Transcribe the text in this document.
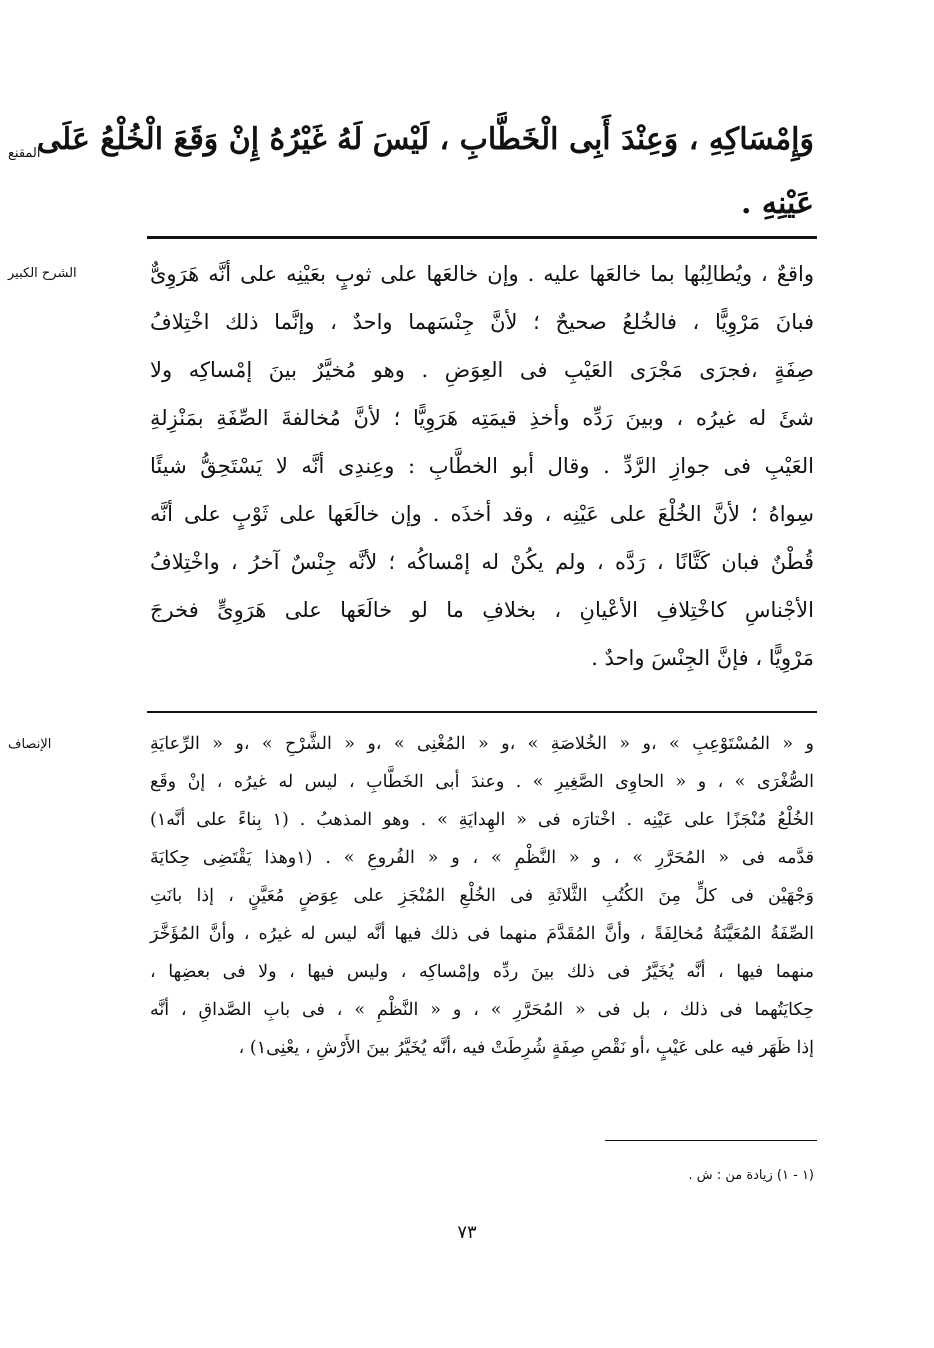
المقنع
وَإِمْسَاكِهِ ، وَعِنْدَ أَبِى الْخَطَّابِ ، لَيْسَ لَهُ غَيْرُهُ إِنْ وَقَعَ الْخُلْعُ عَلَى
عَيْنِهِ .
الشرح الكبير	واقعٌ ، ويُطالِبُها بما خالعَها عليه . وإن خالعَها على ثوبٍ بعَيْنِه على أنَّه هَرَوِىٌّ
فبانَ مَرْوِيًّا ، فالخُلعُ صحيحٌ ؛ لأنَّ جِنْسَهما واحدٌ ، وإنَّما ذلك اخْتِلافُ
صِفَةٍ ،فجرَى مَجْرَى العَيْبِ فى العِوَضِ . وهو مُخيَّرٌ بينَ إمْساكِه ولا
شئَ له غيرُه ، وبينَ رَدِّه وأخذِ قيمَتِه هَرَوِيًّا ؛ لأنَّ مُخالفةَ الصِّفَةِ بمَنْزِلةِ
العَيْبِ فى جوازِ الرَّدِّ . وقال أبو الخطَّابِ : وعِندِى أنَّه لا يَسْتَحِقُّ شيئًا
سِواهُ ؛ لأنَّ الخُلْعَ على عَيْنِه ، وقد أخذَه . وإن خالَعَها على ثَوْبٍ على أنَّه
قُطْنٌ فبان كَتَّانًا ، رَدَّه ، ولم يكُنْ له إمْساكُه ؛ لأنَّه جِنْسٌ آخرُ ، واخْتِلافُ
الأجْناسِ كاخْتِلافِ الأعْيانِ ، بخلافِ ما لو خالَعَها على هَرَوِىٍّ فخرجَ
مَرْوِيًّا ، فإنَّ الجِنْسَ واحدٌ .
الإنصاف	و « المُسْتَوْعِبِ » ،و « الخُلاصَةِ » ،و « المُغْنِى » ،و « الشَّرْحِ » ،و « الرِّعايَةِ
الصُّغْرَى » ، و « الحاوِى الصَّغِيرِ » . وعندَ أبى الخَطَّابِ ، ليس له غيرُه ، إنْ وقَع
الخُلْعُ مُنْجَزًا على عَيْنِه . اخْتارَه فى « الهِدايَةِ » . وهو المذهبُ . (١ بِناءً على أنَّه١)
قدَّمه فى « المُحَرَّرِ » ، و « النَّظْمِ » ، و « الفُروعِ » . (١وهذا يَقْتَضِى حِكايَةَ
وَجْهَيْن فى كلٍّ مِنَ الكُتُبِ الثَّلاثَةِ فى الخُلْعِ المُنْجَزِ على عِوَضٍ مُعَيَّنٍ ، إذا بانَتِ
الصِّفَةُ المُعَيَّنَةُ مُخالِفَةً ، وأنَّ المُقَدَّمَ منهما فى ذلك فيها أنَّه ليس له غيرُه ، وأنَّ المُؤَخَّرَ
منهما فيها ، أنَّه يُخَيَّرُ فى ذلك بينَ ردِّه وإمْساكِه ، وليس فيها ، ولا فى بعضِها ،
حِكايَتُهما فى ذلك ، بل فى « المُحَرَّرِ » ، و « النَّظْمِ » ، فى بابِ الصَّداقِ ، أنَّه
إذا ظَهَر فيه على عَيْبٍ ،أو نَقْصِ صِفَةٍ شُرِطَتْ فيه ،أنَّه يُخَيَّرُ بينَ الأَرْشِ ، يعْنِى١) ،
(١ - ١) زيادة من : ش .
٧٣
